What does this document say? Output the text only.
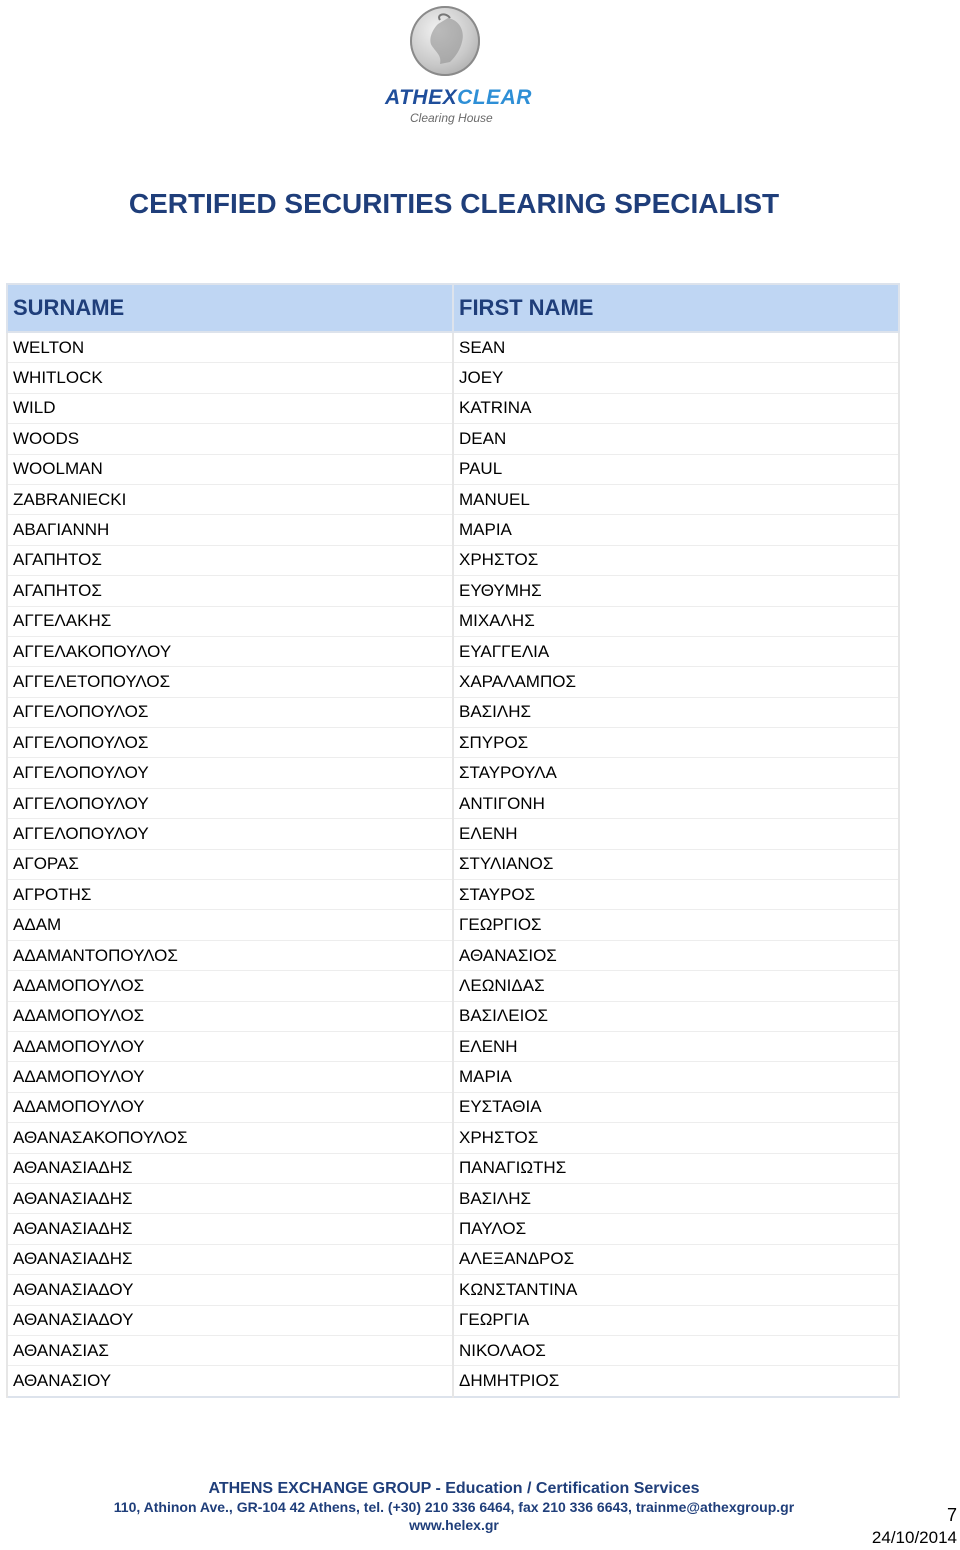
ATHEXCLEAR
Clearing House
CERTIFIED SECURITIES CLEARING SPECIALIST
SURNAME	FIRST NAME
WELTON	SEAN
WHITLOCK	JOEY
WILD	KATRINA
WOODS	DEAN
WOOLMAN	PAUL
ZABRANIECKI	MANUEL
ΑΒΑΓΙΑΝΝΗ	ΜΑΡΙΑ
ΑΓΑΠΗΤΟΣ	ΧΡΗΣΤΟΣ
ΑΓΑΠΗΤΟΣ	ΕΥΘΥΜΗΣ
ΑΓΓΕΛΑΚΗΣ	ΜΙΧΑΛΗΣ
ΑΓΓΕΛΑΚΟΠΟΥΛΟΥ	ΕΥΑΓΓΕΛΙΑ
ΑΓΓΕΛΕΤΟΠΟΥΛΟΣ	ΧΑΡΑΛΑΜΠΟΣ
ΑΓΓΕΛΟΠΟΥΛΟΣ	ΒΑΣΙΛΗΣ
ΑΓΓΕΛΟΠΟΥΛΟΣ	ΣΠΥΡΟΣ
ΑΓΓΕΛΟΠΟΥΛΟΥ	ΣΤΑΥΡΟΥΛΑ
ΑΓΓΕΛΟΠΟΥΛΟΥ	ΑΝΤΙΓΟΝΗ
ΑΓΓΕΛΟΠΟΥΛΟΥ	ΕΛΕΝΗ
ΑΓΟΡΑΣ	ΣΤΥΛΙΑΝΟΣ
ΑΓΡΟΤΗΣ	ΣΤΑΥΡΟΣ
ΑΔΑΜ	ΓΕΩΡΓΙΟΣ
ΑΔΑΜΑΝΤΟΠΟΥΛΟΣ	ΑΘΑΝΑΣΙΟΣ
ΑΔΑΜΟΠΟΥΛΟΣ	ΛΕΩΝΙΔΑΣ
ΑΔΑΜΟΠΟΥΛΟΣ	ΒΑΣΙΛΕΙΟΣ
ΑΔΑΜΟΠΟΥΛΟΥ	ΕΛΕΝΗ
ΑΔΑΜΟΠΟΥΛΟΥ	ΜΑΡΙΑ
ΑΔΑΜΟΠΟΥΛΟΥ	ΕΥΣΤΑΘΙΑ
ΑΘΑΝΑΣΑΚΟΠΟΥΛΟΣ	ΧΡΗΣΤΟΣ
ΑΘΑΝΑΣΙΑΔΗΣ	ΠΑΝΑΓΙΩΤΗΣ
ΑΘΑΝΑΣΙΑΔΗΣ	ΒΑΣΙΛΗΣ
ΑΘΑΝΑΣΙΑΔΗΣ	ΠΑΥΛΟΣ
ΑΘΑΝΑΣΙΑΔΗΣ	ΑΛΕΞΑΝΔΡΟΣ
ΑΘΑΝΑΣΙΑΔΟΥ	ΚΩΝΣΤΑΝΤΙΝΑ
ΑΘΑΝΑΣΙΑΔΟΥ	ΓΕΩΡΓΙΑ
ΑΘΑΝΑΣΙΑΣ	ΝΙΚΟΛΑΟΣ
ΑΘΑΝΑΣΙΟΥ	ΔΗΜΗΤΡΙΟΣ
ATHENS EXCHANGE GROUP - Education / Certification Services
110, Athinon Ave., GR-104 42 Athens, tel. (+30) 210 336 6464, fax 210 336 6643, trainme@athexgroup.gr
www.helex.gr	7
24/10/2014
